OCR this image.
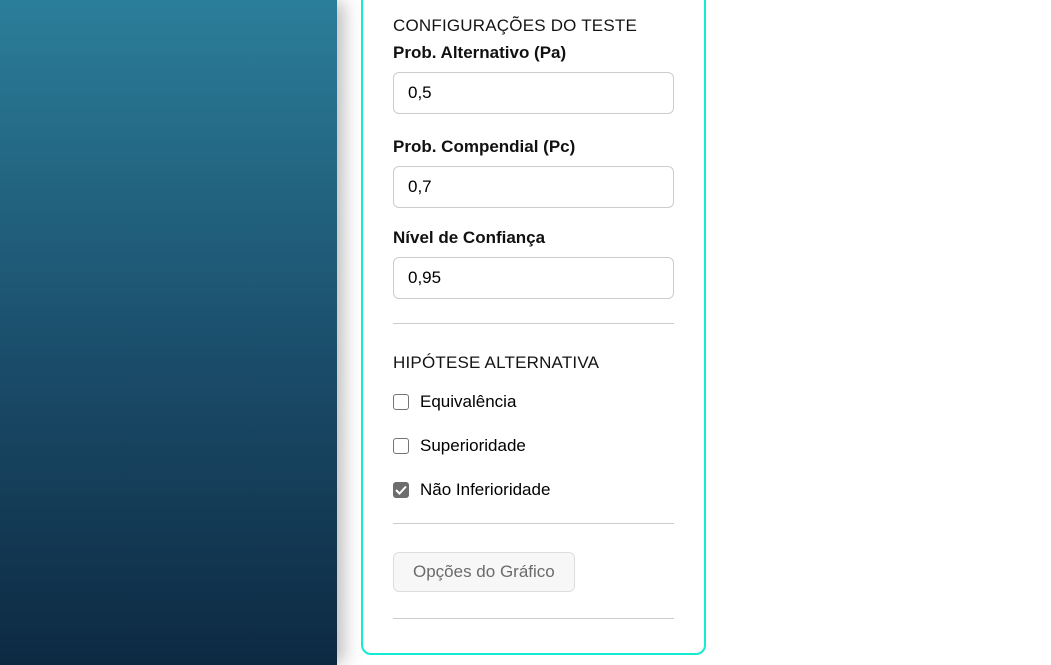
CONFIGURAÇÕES DO TESTE
Prob. Alternativo (Pa)
0,5
Prob. Compendial (Pc)
0,7
Nível de Confiança
0,95
HIPÓTESE ALTERNATIVA
Equivalência
Superioridade
Não Inferioridade
Opções do Gráfico
